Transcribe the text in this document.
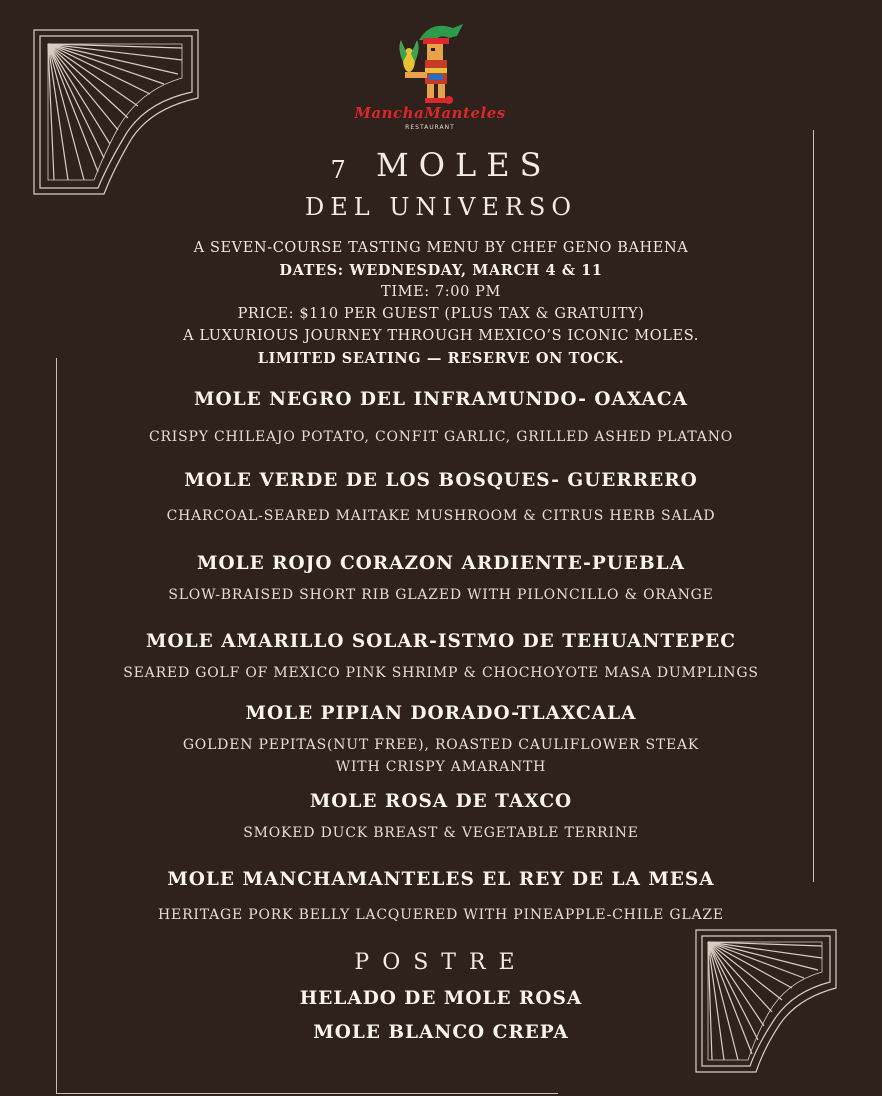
ManchaManteles
RESTAURANT
7 MOLES
DEL UNIVERSO
A SEVEN-COURSE TASTING MENU BY CHEF GENO BAHENA
DATES: WEDNESDAY, MARCH 4 & 11
TIME: 7:00 PM
PRICE: $110 PER GUEST (PLUS TAX & GRATUITY)
A LUXURIOUS JOURNEY THROUGH MEXICO’S ICONIC MOLES.
LIMITED SEATING — RESERVE ON TOCK.
MOLE NEGRO DEL INFRAMUNDO- OAXACA
CRISPY CHILEAJO POTATO, CONFIT GARLIC, GRILLED ASHED PLATANO
MOLE VERDE DE LOS BOSQUES- GUERRERO
CHARCOAL-SEARED MAITAKE MUSHROOM & CITRUS HERB SALAD
MOLE ROJO CORAZON ARDIENTE-PUEBLA
SLOW-BRAISED SHORT RIB GLAZED WITH PILONCILLO & ORANGE
MOLE AMARILLO SOLAR-ISTMO DE TEHUANTEPEC
SEARED GOLF OF MEXICO PINK SHRIMP & CHOCHOYOTE MASA DUMPLINGS
MOLE PIPIAN DORADO-TLAXCALA
GOLDEN PEPITAS(NUT FREE), ROASTED CAULIFLOWER STEAK
WITH CRISPY AMARANTH
MOLE ROSA DE TAXCO
SMOKED DUCK BREAST & VEGETABLE TERRINE
MOLE MANCHAMANTELES EL REY DE LA MESA
HERITAGE PORK BELLY LACQUERED WITH PINEAPPLE-CHILE GLAZE
POSTRE
HELADO DE MOLE ROSA
MOLE BLANCO CREPA
